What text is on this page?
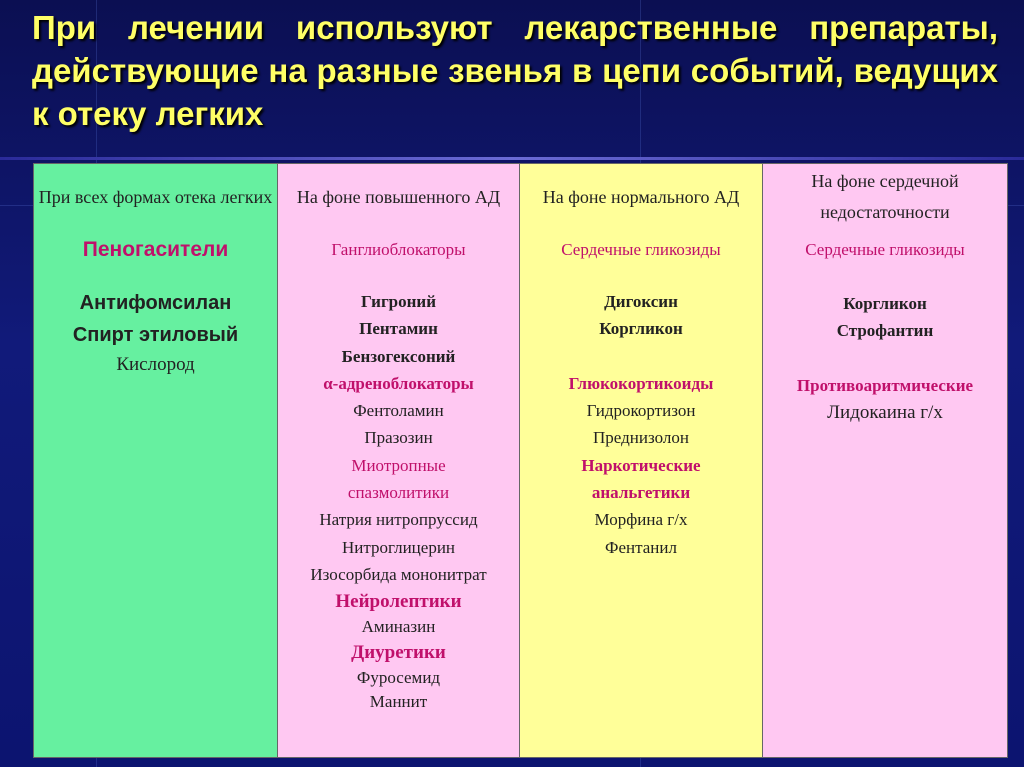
При лечении используют лекарственные препараты, действующие на разные звенья в цепи событий, ведущих к отеку легких
При всех формах отека легких
Пеногасители
Антифомсилан
Спирт этиловый
Кислород
На фоне повышенного АД
Ганглиоблокаторы
Гигроний
Пентамин
Бензогексоний
α-адреноблокаторы
Фентоламин
Празозин
Миотропные
спазмолитики
Натрия нитропруссид
Нитроглицерин
Изосорбида мононитрат
Нейролептики
Аминазин
Диуретики
Фуросемид
Маннит
На фоне нормального АД
Сердечные гликозиды
Дигоксин
Коргликон
Глюкокортикоиды
Гидрокортизон
Преднизолон
Наркотические
анальгетики
Морфина г/х
Фентанил
На фоне сердечной недостаточности
Сердечные гликозиды
Коргликон
Строфантин
Противоаритмические
Лидокаина г/х
